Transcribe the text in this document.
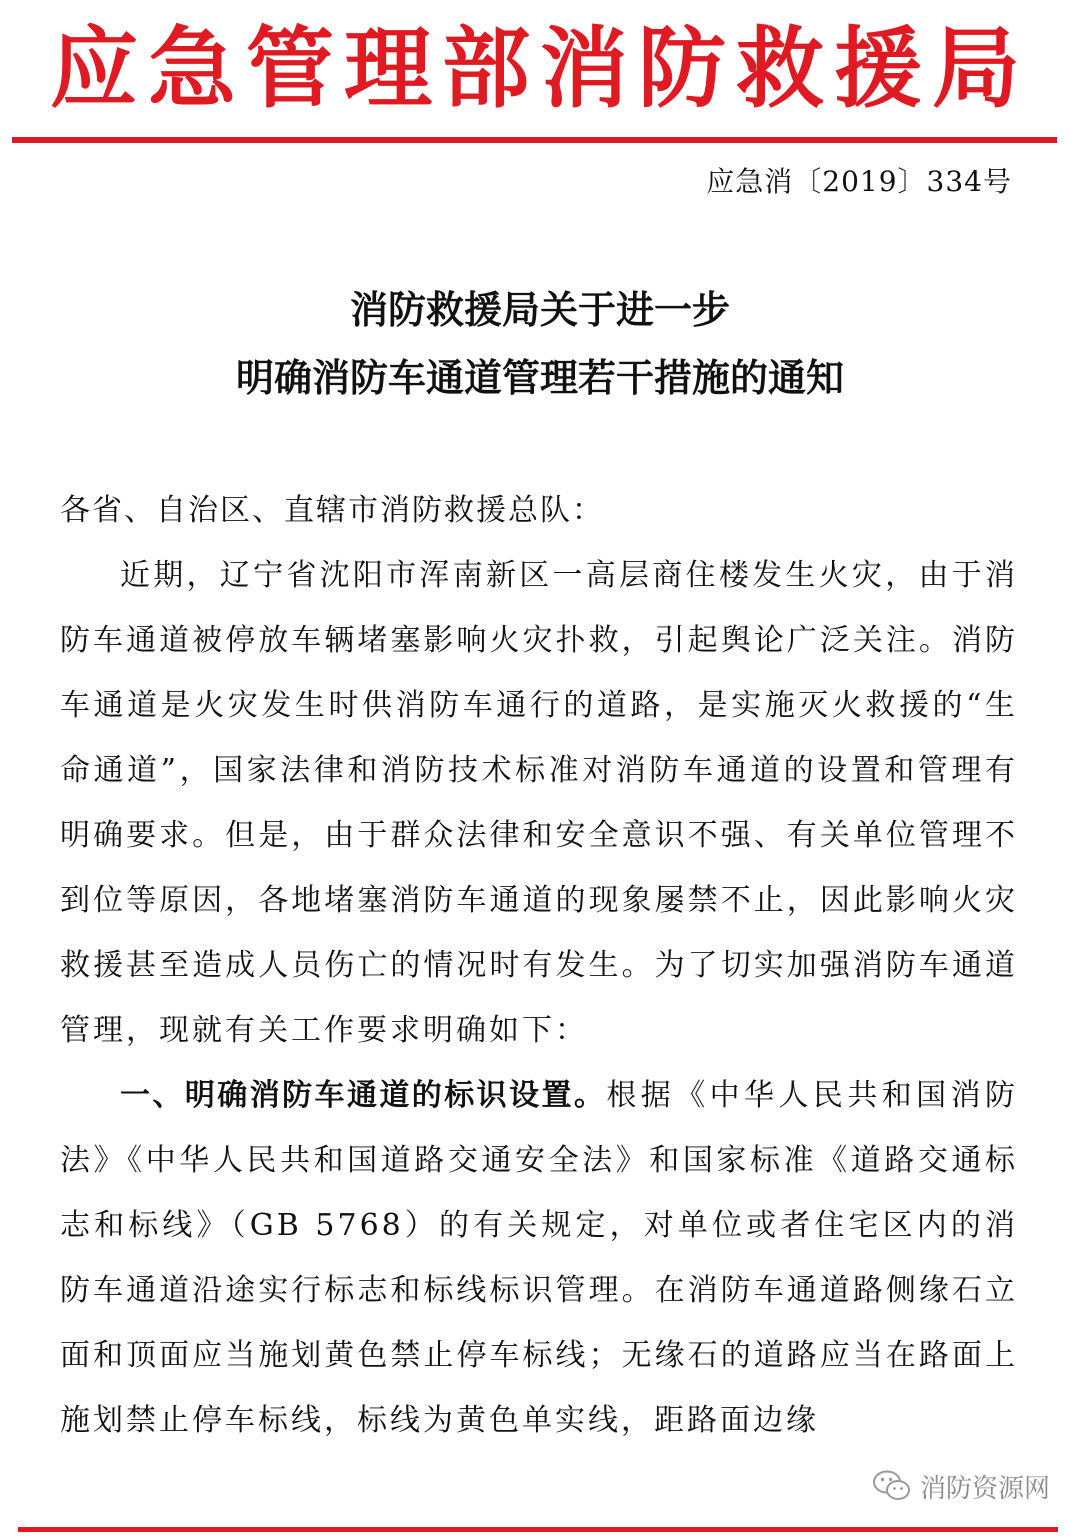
应急管理部消防救援局
应急消〔2019〕334号
消防救援局关于进一步
明确消防车通道管理若干措施的通知

各省、自治区、直辖市消防救援总队：

近期，辽宁省沈阳市浑南新区一高层商住楼发生火灾，由于消防车通道被停放车辆堵塞影响火灾扑救，引起舆论广泛关注。消防车通道是火灾发生时供消防车通行的道路，是实施灭火救援的“生命通道”，国家法律和消防技术标准对消防车通道的设置和管理有明确要求。但是，由于群众法律和安全意识不强、有关单位管理不到位等原因，各地堵塞消防车通道的现象屡禁不止，因此影响火灾救援甚至造成人员伤亡的情况时有发生。为了切实加强消防车通道管理，现就有关工作要求明确如下：

一、明确消防车通道的标识设置。根据《中华人民共和国消防法》《中华人民共和国道路交通安全法》和国家标准《道路交通标志和标线》（GB 5768）的有关规定，对单位或者住宅区内的消防车通道沿途实行标志和标线标识管理。在消防车通道路侧缘石立面和顶面应当施划黄色禁止停车标线；无缘石的道路应当在路面上施划禁止停车标线，标线为黄色单实线，距路面边缘

消防资源网
